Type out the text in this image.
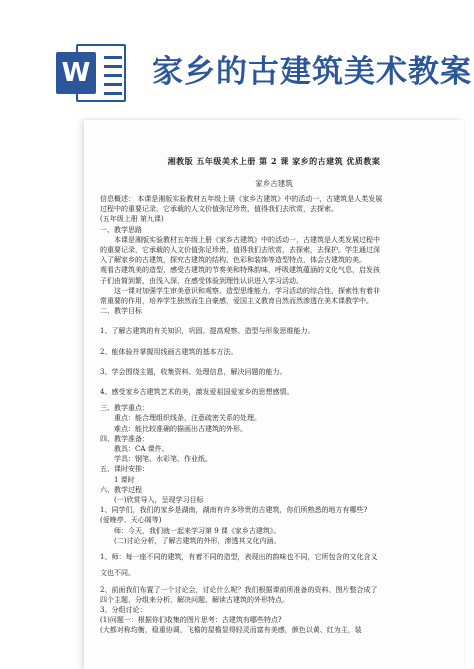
W 家乡的古建筑美术教案
湘教版 五年级美术上册 第 2 课 家乡的古建筑 优质教案
家乡古建筑

信息概述： 本课是湘版实验教材五年级上册《家乡古建筑》中的活动一，古建筑是人类发展

过程中的重要记录，它承载的人文价值弥足珍贵，值得我们去欣赏，去探索。

(五年级上册 第九课)

一、教学思路

本课是湘版实验教材五年级上册《家乡古建筑》中的活动一，古建筑是人类发展过程中

的重要记录，它承载的人文价值弥足珍贵，值得我们去欣赏，去探索，去保护。学生通过深

入了解家乡的古建筑，探究古建筑的结构、色彩和装饰等造型特点，体会古建筑的美。

观看古建筑美的造型，感受古建筑的节奏美和特殊韵味，呼吸建筑蕴涵的文化气息，启发孩

子们由简到繁，由浅入深，在感受体验到理性认识进入学习活动。

这一课对加强学生审美意识和观察、造型思维能力，学习活动的综合性、探索性有着非

常重要的作用，培养学生独然而生自豪感，爱国主义教育自然而然渗透在美术课教学中。

二、教学目标

1、了解古建筑的有关知识，巩固、提高观察、造型与形象思维能力。

2、能体验并掌握用线画古建筑的基本方法。

3、学会围绕主题，收集资料、处理信息，解决问题的能力。

4、感受家乡古建筑艺术的美，激发爱祖国爱家乡的思想感情。

三、教学重点：

重点：能合理组织线条，注意疏密关系的处理。

难点：能比较准确的描画出古建筑的外形。

四、教学准备：

教具：CA 课件、

学具：钢笔、水彩笔、作业纸。

五、课时安排：

1 课时

六、教学过程

(一)欣赏导入，呈现学习目标

1、同学们，我们的家乡是湖南，湖南有许多珍贵的古建筑，你们所熟悉的地方有哪些?

(爱晚亭、天心阁等)

师：今天，我们就一起来学习第 9 课《家乡古建筑》。

(二)讨论分析，了解古建筑的外形，渗透其文化内涵。

1、师：每一座不同的建筑，有着不同的造型，表现出的韵味也不同，它所包含的文化含义

文也不同。

2、前面我们布置了一个讨论会，讨论什么呢？我们根据课前所准备的资料、图片整合成了

四个主题，分组来分析、解决问题、解读古建筑的外形特点。

3、分组讨论：

(1)问题一：根据你们收集的图片思考：古建筑有哪些特点?

(大都对称均衡，稳重协调，飞檐的屋檐显得轻灵而富有美感，颜色以黄、红为主，装
